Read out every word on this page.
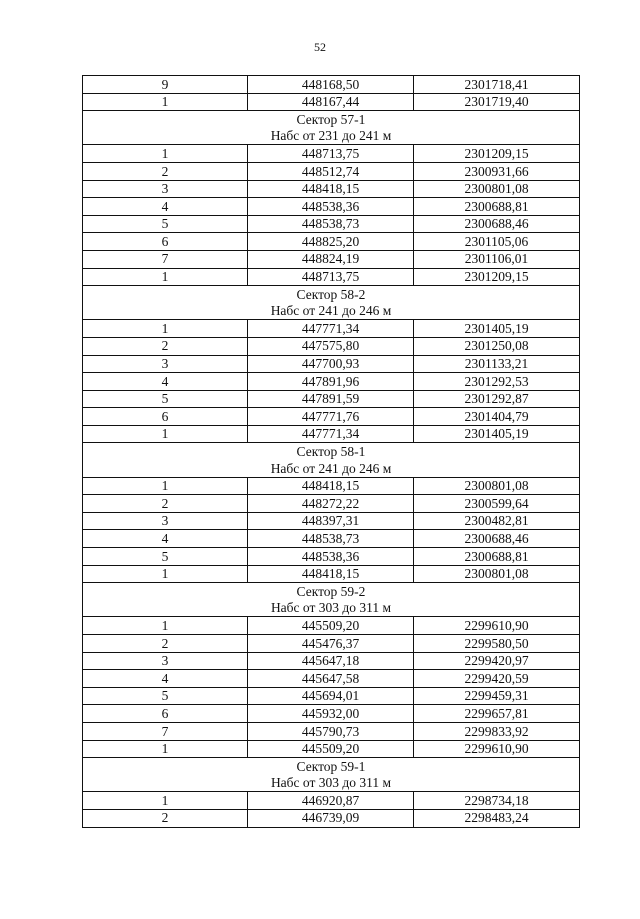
52
9	448168,50	2301718,41
1	448167,44	2301719,40
Сектор 57-1		
Набс от 231 до 241 м		
1	448713,75	2301209,15
2	448512,74	2300931,66
3	448418,15	2300801,08
4	448538,36	2300688,81
5	448538,73	2300688,46
6	448825,20	2301105,06
7	448824,19	2301106,01
1	448713,75	2301209,15
Сектор 58-2		
Набс от 241 до 246 м		
1	447771,34	2301405,19
2	447575,80	2301250,08
3	447700,93	2301133,21
4	447891,96	2301292,53
5	447891,59	2301292,87
6	447771,76	2301404,79
1	447771,34	2301405,19
Сектор 58-1		
Набс от 241 до 246 м		
1	448418,15	2300801,08
2	448272,22	2300599,64
3	448397,31	2300482,81
4	448538,73	2300688,46
5	448538,36	2300688,81
1	448418,15	2300801,08
Сектор 59-2		
Набс от 303 до 311 м		
1	445509,20	2299610,90
2	445476,37	2299580,50
3	445647,18	2299420,97
4	445647,58	2299420,59
5	445694,01	2299459,31
6	445932,00	2299657,81
7	445790,73	2299833,92
1	445509,20	2299610,90
Сектор 59-1		
Набс от 303 до 311 м		
1	446920,87	2298734,18
2	446739,09	2298483,24
